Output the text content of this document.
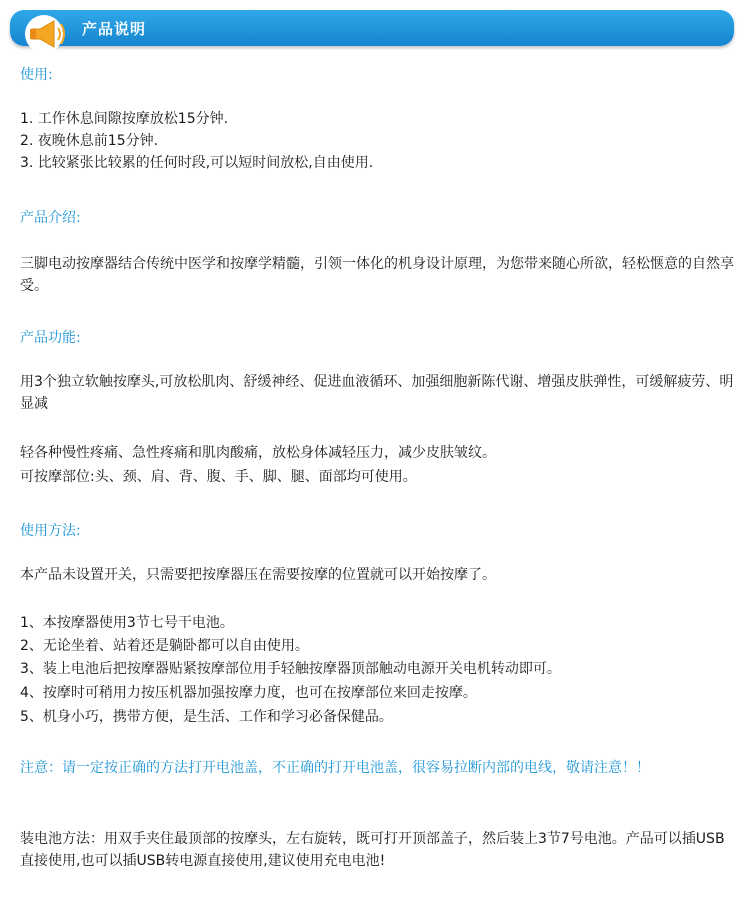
产品说明
使用:
1. 工作休息间隙按摩放松15分钟.
2. 夜晚休息前15分钟.
3. 比较紧张比较累的任何时段,可以短时间放松,自由使用.
产品介绍:
三脚电动按摩器结合传统中医学和按摩学精髓，引领一体化的机身设计原理，为您带来随心所欲，轻松惬意的自然享受。
产品功能:
用3个独立软触按摩头,可放松肌肉、舒缓神经、促进血液循环、加强细胞新陈代谢、增强皮肤弹性，可缓解疲劳、明显减
轻各种慢性疼痛、急性疼痛和肌肉酸痛，放松身体减轻压力，减少皮肤皱纹。
可按摩部位:头、颈、肩、背、腹、手、脚、腿、面部均可使用。
使用方法:
本产品未设置开关，只需要把按摩器压在需要按摩的位置就可以开始按摩了。
1、本按摩器使用3节七号干电池。
2、无论坐着、站着还是躺卧都可以自由使用。
3、装上电池后把按摩器贴紧按摩部位用手轻触按摩器顶部触动电源开关电机转动即可。
4、按摩时可稍用力按压机器加强按摩力度，也可在按摩部位来回走按摩。
5、机身小巧，携带方便，是生活、工作和学习必备保健品。
注意：请一定按正确的方法打开电池盖，不正确的打开电池盖，很容易拉断内部的电线，敬请注意！！
装电池方法：用双手夹住最顶部的按摩头，左右旋转，既可打开顶部盖子，然后装上3节7号电池。产品可以插USB直接使用,也可以插USB转电源直接使用,建议使用充电电池!
